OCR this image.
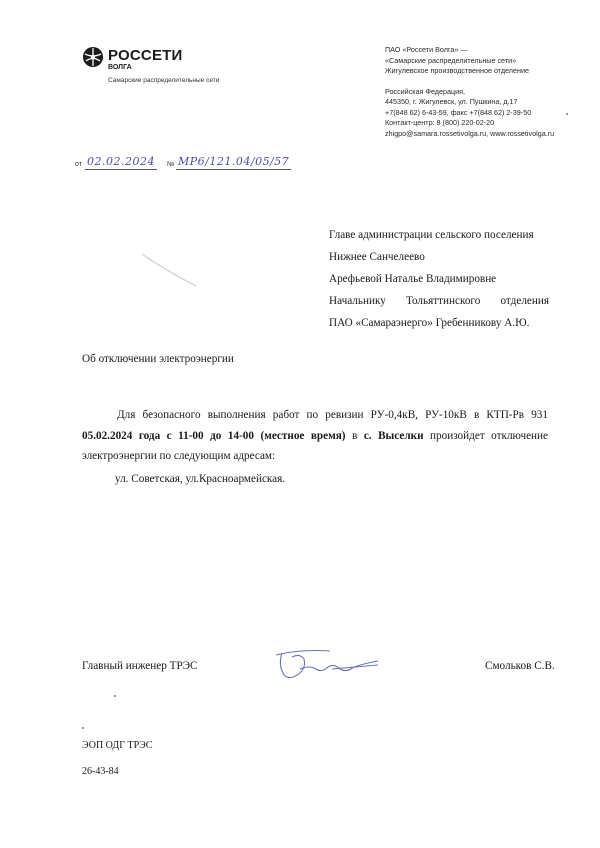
РОССЕТИ
ВОЛГА
Самарские распределительные сети
ПАО «Россети Волга» —
«Самарские распределительные сети»
Жигулевское производственное отделение
Российская Федерация,
445350, г. Жигулевск, ул. Пушкина, д.17
+7(848 62) 6-43-59, факс +7(848 62) 2-39-50
Контакт-центр: 8 (800) 220-02-20
zhigpo@samara.rossetivolga.ru, www.rossetivolga.ru
от 02.02.2024 № МР6/121.04/05/57
Главе администрации сельского поселения
Нижнее Санчелеево
Арефьевой Наталье Владимировне
Начальнику Тольяттинского отделения
ПАО «Самараэнерго» Гребенникову А.Ю.
Об отключении электроэнергии
Для безопасного выполнения работ по ревизии РУ-0,4кВ, РУ-10кВ в КТП-Рв 931 05.02.2024 года с 11-00 до 14-00 (местное время) в с. Выселки произойдет отключение электроэнергии по следующим адресам:
ул. Советская, ул.Красноармейская.
Главный инженер ТРЭС	Смольков С.В.
ЭОП ОДГ ТРЭС
26-43-84
